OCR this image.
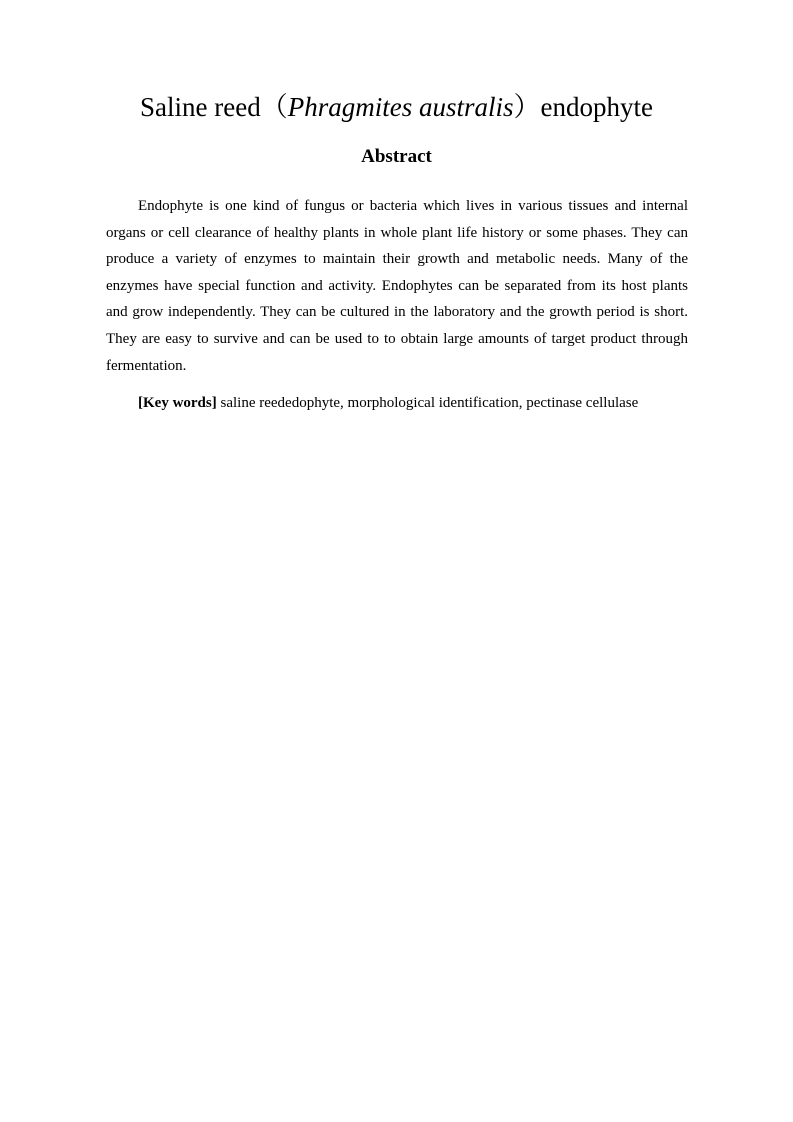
Saline reed（Phragmites australis）endophyte
Abstract

Endophyte is one kind of fungus or bacteria which lives in various tissues and internal organs or cell clearance of healthy plants in whole plant life history or some phases. They can produce a variety of enzymes to maintain their growth and metabolic needs. Many of the enzymes have special function and activity. Endophytes can be separated from its host plants and grow independently. They can be cultured in the laboratory and the growth period is short. They are easy to survive and can be used to to obtain large amounts of target product through fermentation.

[Key words] saline reededophyte, morphological identification, pectinase cellulase
